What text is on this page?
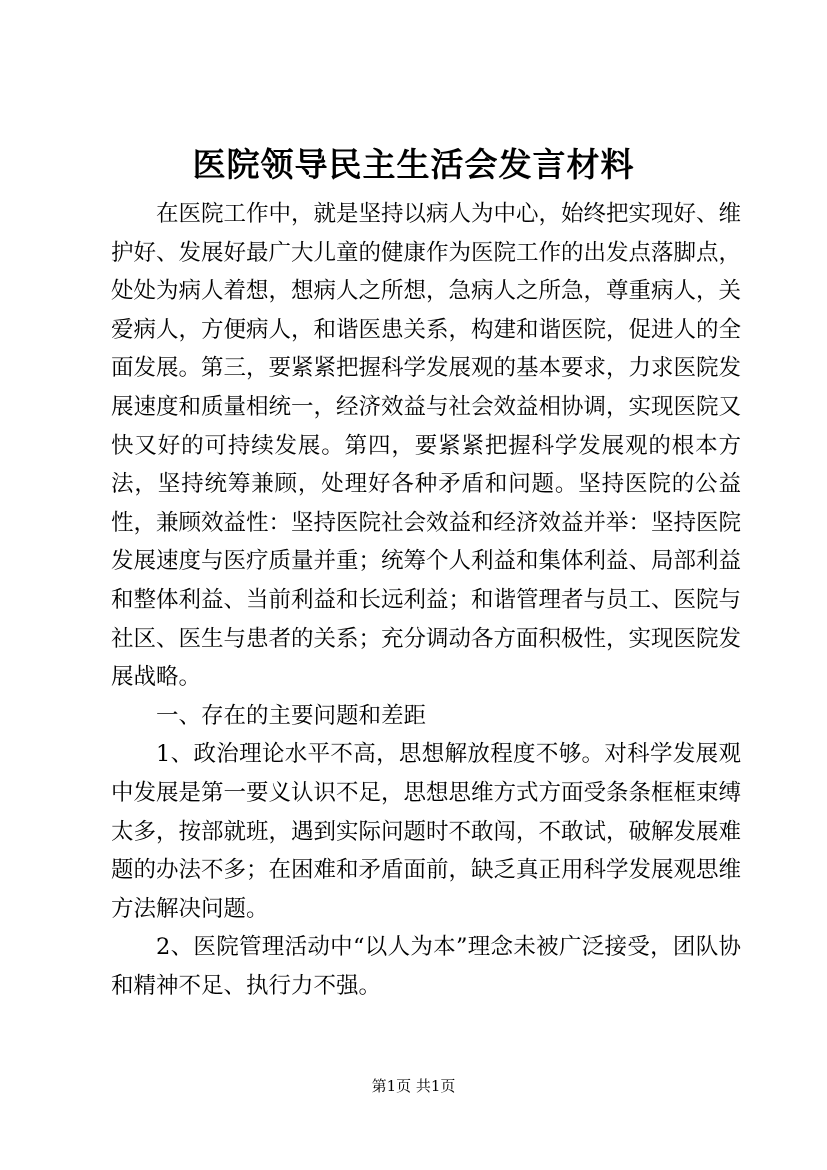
医院领导民主生活会发言材料

在医院工作中，就是坚持以病人为中心，始终把实现好、维护好、发展好最广大儿童的健康作为医院工作的出发点落脚点，处处为病人着想，想病人之所想，急病人之所急，尊重病人，关爱病人，方便病人，和谐医患关系，构建和谐医院，促进人的全面发展。第三，要紧紧把握科学发展观的基本要求，力求医院发展速度和质量相统一，经济效益与社会效益相协调，实现医院又快又好的可持续发展。第四，要紧紧把握科学发展观的根本方法，坚持统筹兼顾，处理好各种矛盾和问题。坚持医院的公益性，兼顾效益性：坚持医院社会效益和经济效益并举：坚持医院发展速度与医疗质量并重；统筹个人利益和集体利益、局部利益和整体利益、当前利益和长远利益；和谐管理者与员工、医院与社区、医生与患者的关系；充分调动各方面积极性，实现医院发展战略。

一、存在的主要问题和差距

1、政治理论水平不高，思想解放程度不够。对科学发展观中发展是第一要义认识不足，思想思维方式方面受条条框框束缚太多，按部就班，遇到实际问题时不敢闯，不敢试，破解发展难题的办法不多；在困难和矛盾面前，缺乏真正用科学发展观思维方法解决问题。

2、医院管理活动中“以人为本”理念未被广泛接受，团队协和精神不足、执行力不强。

第1页 共1页
